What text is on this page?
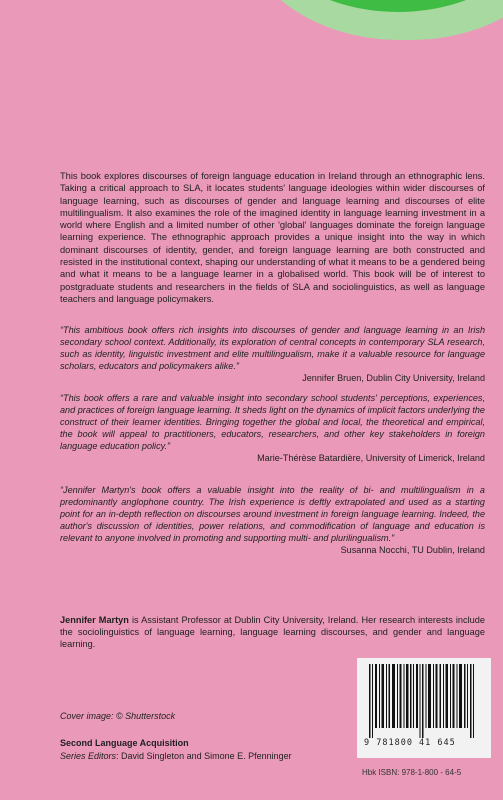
This book explores discourses of foreign language education in Ireland through an ethnographic lens. Taking a critical approach to SLA, it locates students' language ideologies within wider discourses of language learning, such as discourses of gender and language learning and discourses of elite multilingualism. It also examines the role of the imagined identity in language learning investment in a world where English and a limited number of other 'global' languages dominate the foreign language learning experience. The ethnographic approach provides a unique insight into the way in which dominant discourses of identity, gender, and foreign language learning are both constructed and resisted in the institutional context, shaping our understanding of what it means to be a gendered being and what it means to be a language learner in a globalised world. This book will be of interest to postgraduate students and researchers in the fields of SLA and sociolinguistics, as well as language teachers and language policymakers.

“This ambitious book offers rich insights into discourses of gender and language learning in an Irish secondary school context. Additionally, its exploration of central concepts in contemporary SLA research, such as identity, linguistic investment and elite multilingualism, make it a valuable resource for language scholars, educators and policymakers alike.”
Jennifer Bruen, Dublin City University, Ireland

“This book offers a rare and valuable insight into secondary school students' perceptions, experiences, and practices of foreign language learning. It sheds light on the dynamics of implicit factors underlying the construct of their learner identities. Bringing together the global and local, the theoretical and empirical, the book will appeal to practitioners, educators, researchers, and other key stakeholders in foreign language education policy.”
Marie-Thérèse Batardière, University of Limerick, Ireland

“Jennifer Martyn's book offers a valuable insight into the reality of bi- and multilingualism in a predominantly anglophone country. The Irish experience is deftly extrapolated and used as a starting point for an in-depth reflection on discourses around investment in foreign language learning. Indeed, the author's discussion of identities, power relations, and commodification of language and education is relevant to anyone involved in promoting and supporting multi- and plurilingualism.”
Susanna Nocchi, TU Dublin, Ireland

Jennifer Martyn is Assistant Professor at Dublin City University, Ireland. Her research interests include the sociolinguistics of language learning, language learning discourses, and gender and language learning.

Cover image: © Shutterstock
Second Language Acquisition
Series Editors: David Singleton and Simone E. Pfenninger
9 781800 41 645
Hbk ISBN: 978-1-800 - 64-5
